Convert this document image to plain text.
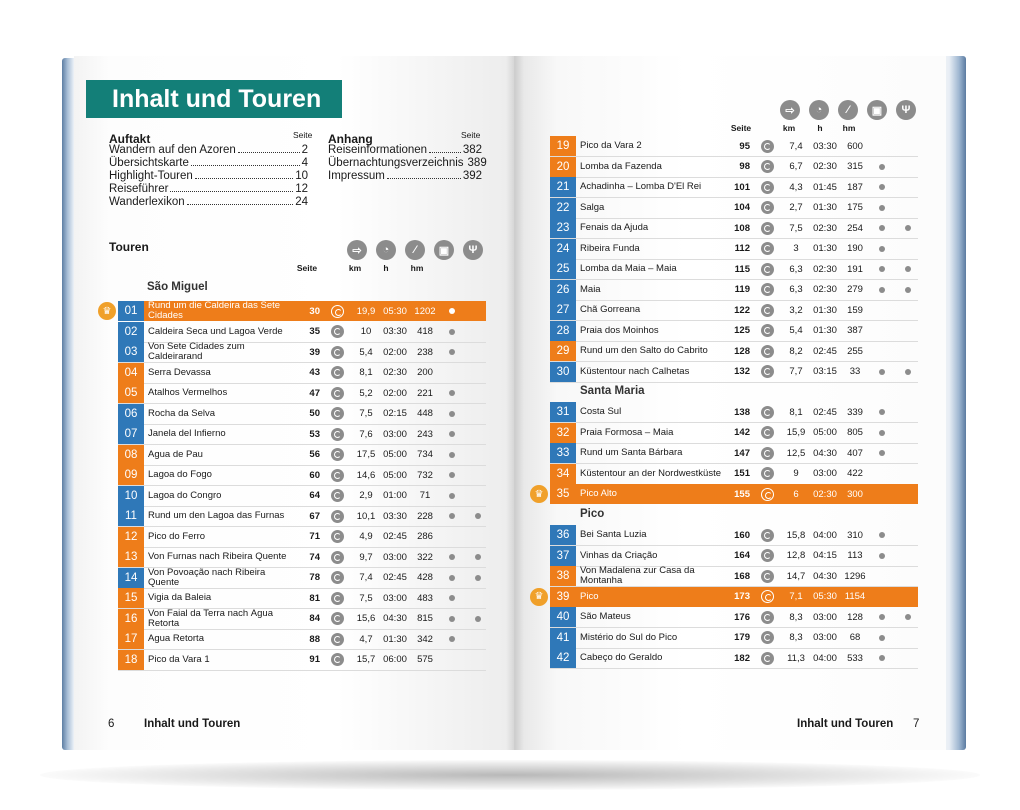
Inhalt und Touren
Auftakt	Seite
Wandern auf den Azoren	2
Übersichtskarte	4
Highlight-Touren	10
Reiseführer	12
Wanderlexikon	24
Anhang	Seite
Reiseinformationen	382
Übernachtungsverzeichnis 389
Impressum	392
Touren	⇨	◔	⁄	▣	Ψ
Seite	km	h	hm
⇨	◔	⁄	▣	Ψ
Seite	km	h	hm
São Miguel
Santa Maria
Pico
01	Rund um die Caldeira das Sete Cidades	30	19,9 05:30 1202
♛
02	Caldeira Seca und Lagoa Verde	35	10	03:30	418
03	Von Sete Cidades zum Caldeirarand	39	5,4	02:00	238
04	Serra Devassa	43	8,1	02:30	200
05	Atalhos Vermelhos	47	5,2	02:00	221
06	Rocha da Selva	50	7,5	02:15	448
07	Janela del Infierno	53	7,6	03:00	243
08	Água de Pau	56	17,5 05:00	734
09	Lagoa do Fogo	60	14,6 05:00	732
10	Lagoa do Congro	64	2,9	01:00	71
11	Rund um den Lagoa das Furnas	67	10,1 03:30	228
12	Pico do Ferro	71	4,9	02:45	286
13	Von Furnas nach Ribeira Quente	74	9,7	03:00	322
14	Von Povoação nach Ribeira Quente	78	7,4	02:45	428
15	Vigia da Baleia	81	7,5	03:00	483
16	Von Faial da Terra nach Água Retorta	84	15,6 04:30	815
17	Água Retorta	88	4,7	01:30	342
18	Pico da Vara 1	91	15,7 06:00	575
19	Pico da Vara 2	95	7,4	03:30	600
20	Lomba da Fazenda	98	6,7	02:30	315
21	Achadinha – Lomba D'El Rei	101	4,3	01:45	187
22	Salga	104	2,7	01:30	175
23	Fenais da Ajuda	108	7,5	02:30	254
24	Ribeira Funda	112	3	01:30	190
25	Lomba da Maia – Maia	115	6,3	02:30	191
26	Maia	119	6,3	02:30	279
27	Chã Gorreana	122	3,2	01:30	159
28	Praia dos Moinhos	125	5,4	01:30	387
29	Rund um den Salto do Cabrito	128	8,2	02:45	255
30	Küstentour nach Calhetas	132	7,7	03:15	33
31	Costa Sul	138	8,1	02:45	339
32	Praia Formosa – Maia	142	15,9 05:00	805
33	Rund um Santa Bárbara	147	12,5 04:30	407
34	Küstentour an der Nordwestküste	151	9	03:00	422
35	Pico Alto	155	6	02:30	300
♛
36	Bei Santa Luzia	160	15,8 04:00	310
37	Vinhas da Criação	164	12,8 04:15	113
38	Von Madalena zur Casa da Montanha	168	14,7 04:30 1296
39	Pico	173	7,1	05:30 1154
♛
40	São Mateus	176	8,3	03:00	128
41	Mistério do Sul do Pico	179	8,3	03:00	68
42	Cabeço do Geraldo	182	11,3 04:00	533
6	Inhalt und Touren	Inhalt und Touren 7
